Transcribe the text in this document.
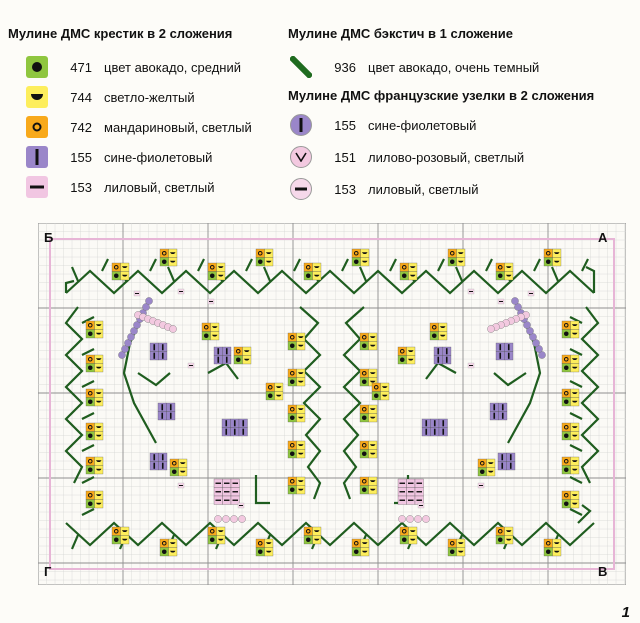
Мулине ДМС крестик в 2 сложения
471 цвет авокадо, средний
744 светло-желтый
742 мандариновый, светлый
155 сине-фиолетовый
153 лиловый, светлый
Мулине ДМС бэкстич в 1 сложение
936 цвет авокадо, очень темный
Мулине ДМС французские узелки в 2 сложения
155 сине-фиолетовый
151 лилово-розовый, светлый
153 лиловый, светлый
Б	А
Г	В
1
